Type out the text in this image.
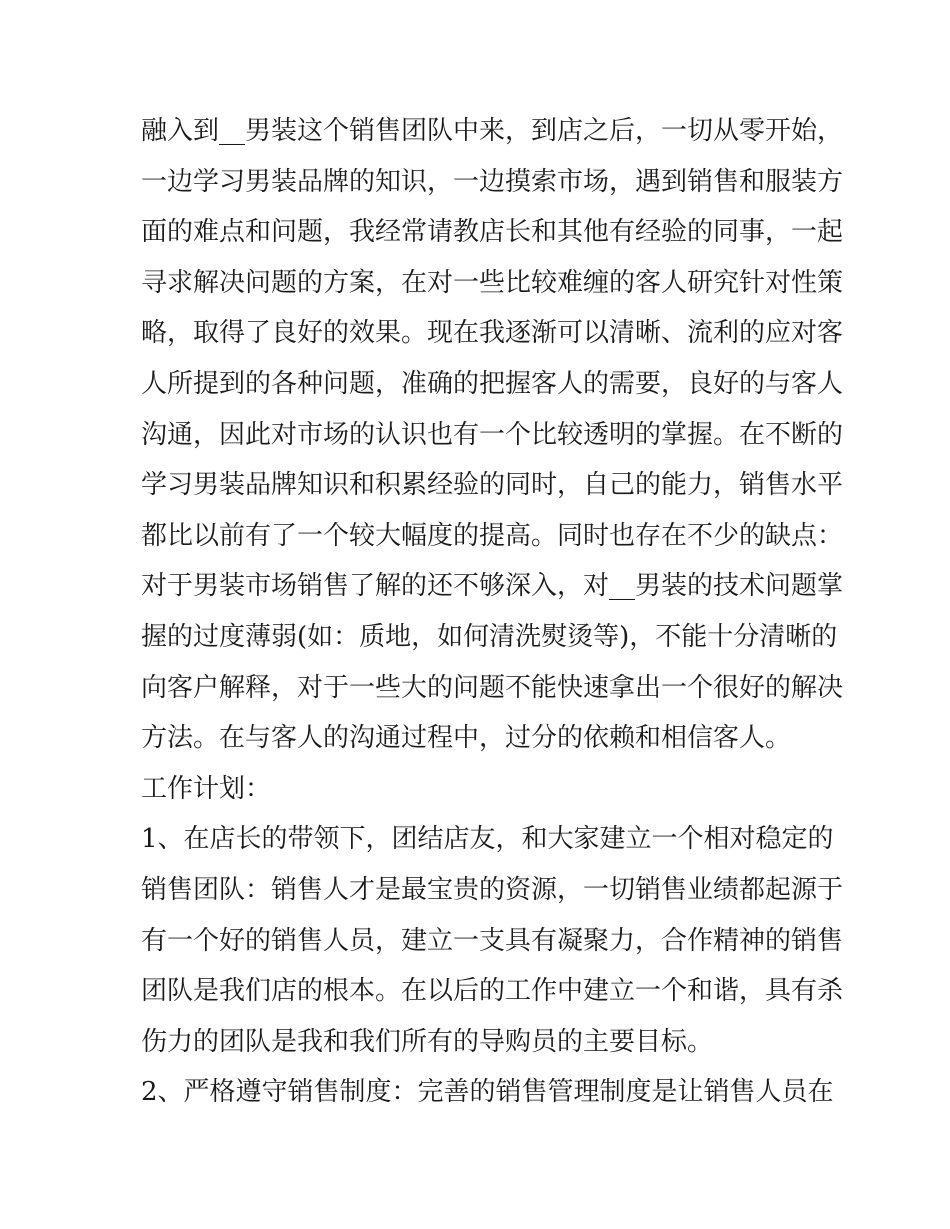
融入到__男装这个销售团队中来，到店之后，一切从零开始，
一边学习男装品牌的知识，一边摸索市场，遇到销售和服装方
面的难点和问题，我经常请教店长和其他有经验的同事，一起
寻求解决问题的方案，在对一些比较难缠的客人研究针对性策
略，取得了良好的效果。现在我逐渐可以清晰、流利的应对客
人所提到的各种问题，准确的把握客人的需要，良好的与客人
沟通，因此对市场的认识也有一个比较透明的掌握。在不断的
学习男装品牌知识和积累经验的同时，自己的能力，销售水平
都比以前有了一个较大幅度的提高。同时也存在不少的缺点：
对于男装市场销售了解的还不够深入，对__男装的技术问题掌
握的过度薄弱(如：质地，如何清洗熨烫等)，不能十分清晰的
向客户解释，对于一些大的问题不能快速拿出一个很好的解决
方法。在与客人的沟通过程中，过分的依赖和相信客人。
工作计划：
1、在店长的带领下，团结店友，和大家建立一个相对稳定的
销售团队：销售人才是最宝贵的资源，一切销售业绩都起源于
有一个好的销售人员，建立一支具有凝聚力，合作精神的销售
团队是我们店的根本。在以后的工作中建立一个和谐，具有杀
伤力的团队是我和我们所有的导购员的主要目标。
2、严格遵守销售制度：完善的销售管理制度是让销售人员在
